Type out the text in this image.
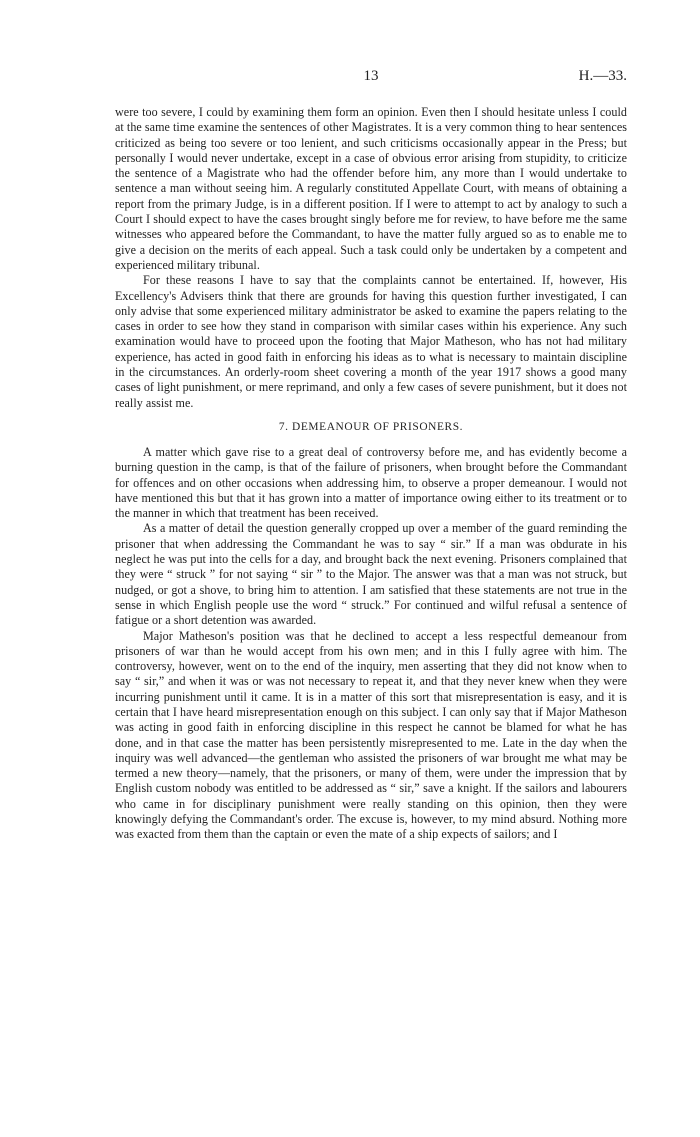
13	H.—33.

were too severe, I could by examining them form an opinion. Even then I should hesitate unless I could at the same time examine the sentences of other Magistrates. It is a very common thing to hear sentences criticized as being too severe or too lenient, and such criticisms occasionally appear in the Press; but personally I would never undertake, except in a case of obvious error arising from stupidity, to criticize the sentence of a Magistrate who had the offender before him, any more than I would undertake to sentence a man without seeing him. A regularly constituted Appellate Court, with means of obtaining a report from the primary Judge, is in a different position. If I were to attempt to act by analogy to such a Court I should expect to have the cases brought singly before me for review, to have before me the same witnesses who appeared before the Commandant, to have the matter fully argued so as to enable me to give a decision on the merits of each appeal. Such a task could only be undertaken by a competent and experienced military tribunal.

For these reasons I have to say that the complaints cannot be entertained. If, however, His Excellency's Advisers think that there are grounds for having this question further investigated, I can only advise that some experienced military administrator be asked to examine the papers relating to the cases in order to see how they stand in comparison with similar cases within his experience. Any such examination would have to proceed upon the footing that Major Matheson, who has not had military experience, has acted in good faith in enforcing his ideas as to what is necessary to maintain discipline in the circumstances. An orderly-room sheet covering a month of the year 1917 shows a good many cases of light punishment, or mere reprimand, and only a few cases of severe punishment, but it does not really assist me.

7. DEMEANOUR OF PRISONERS.

A matter which gave rise to a great deal of controversy before me, and has evidently become a burning question in the camp, is that of the failure of prisoners, when brought before the Commandant for offences and on other occasions when addressing him, to observe a proper demeanour. I would not have mentioned this but that it has grown into a matter of importance owing either to its treatment or to the manner in which that treatment has been received.

As a matter of detail the question generally cropped up over a member of the guard reminding the prisoner that when addressing the Commandant he was to say “ sir.” If a man was obdurate in his neglect he was put into the cells for a day, and brought back the next evening. Prisoners complained that they were “ struck ” for not saying “ sir ” to the Major. The answer was that a man was not struck, but nudged, or got a shove, to bring him to attention. I am satisfied that these statements are not true in the sense in which English people use the word “ struck.” For continued and wilful refusal a sentence of fatigue or a short detention was awarded.

Major Matheson's position was that he declined to accept a less respectful demeanour from prisoners of war than he would accept from his own men; and in this I fully agree with him. The controversy, however, went on to the end of the inquiry, men asserting that they did not know when to say “ sir,” and when it was or was not necessary to repeat it, and that they never knew when they were incurring punishment until it came. It is in a matter of this sort that misrepresentation is easy, and it is certain that I have heard misrepresentation enough on this subject. I can only say that if Major Matheson was acting in good faith in enforcing discipline in this respect he cannot be blamed for what he has done, and in that case the matter has been persistently misrepresented to me. Late in the day when the inquiry was well advanced—the gentleman who assisted the prisoners of war brought me what may be termed a new theory—namely, that the prisoners, or many of them, were under the impression that by English custom nobody was entitled to be addressed as “ sir,” save a knight. If the sailors and labourers who came in for disciplinary punishment were really standing on this opinion, then they were knowingly defying the Commandant's order. The excuse is, however, to my mind absurd. Nothing more was exacted from them than the captain or even the mate of a ship expects of sailors; and I
